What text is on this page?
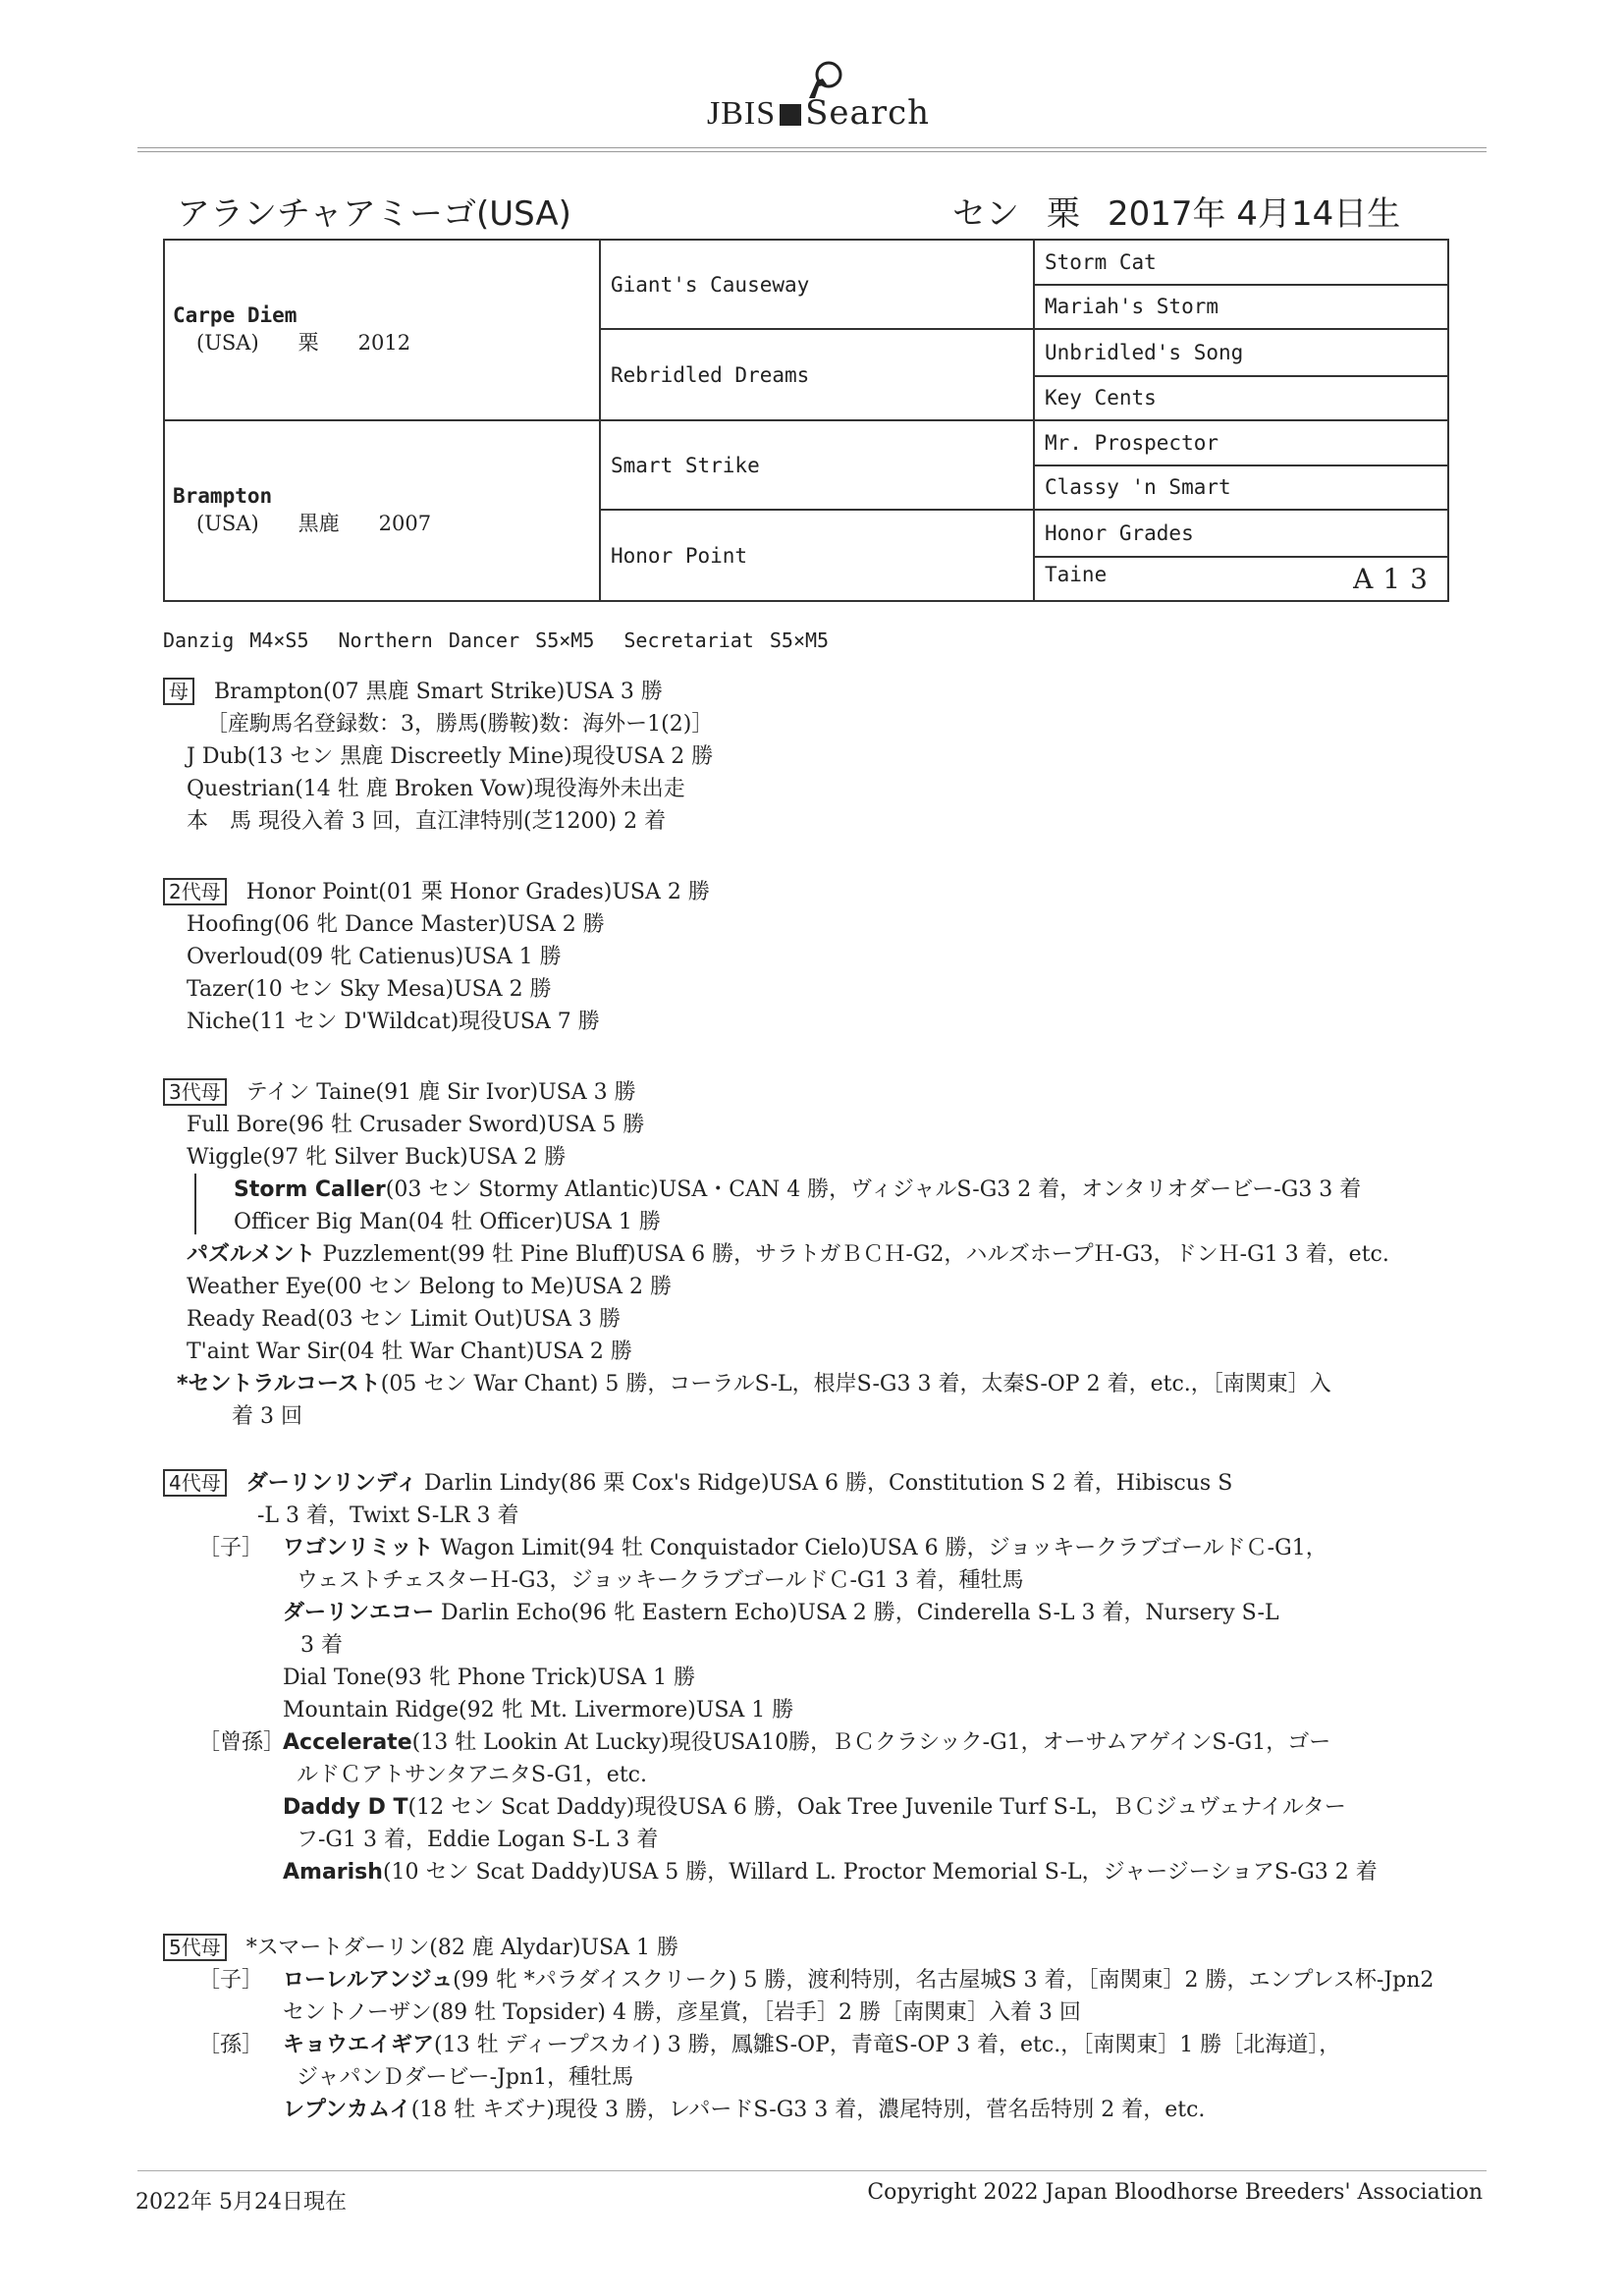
JBIS Search
アランチャアミーゴ(USA)	セン 栗 2017年 4月14日生
Carpe Diem
(USA) 栗 2012	Giant's Causeway	Storm Cat
		Mariah's Storm
	Rebridled Dreams	Unbridled's Song
		Key Cents
Brampton
(USA) 黒鹿 2007	Smart Strike	Mr. Prospector
		Classy 'n Smart
	Honor Point	Honor Grades
		Taine A13
Danzig M4×S5 Northern Dancer S5×M5 Secretariat S5×M5
母 Brampton(07 黒鹿 Smart Strike)USA 3 勝
［産駒馬名登録数：3，勝馬(勝鞍)数：海外ー1(2)］
J Dub(13 セン 黒鹿 Discreetly Mine)現役USA 2 勝
Questrian(14 牡 鹿 Broken Vow)現役海外未出走
本　馬 現役入着 3 回，直江津特別(芝1200) 2 着
2代母 Honor Point(01 栗 Honor Grades)USA 2 勝
Hoofing(06 牝 Dance Master)USA 2 勝
Overloud(09 牝 Catienus)USA 1 勝
Tazer(10 セン Sky Mesa)USA 2 勝
Niche(11 セン D'Wildcat)現役USA 7 勝
3代母 テイン Taine(91 鹿 Sir Ivor)USA 3 勝
Full Bore(96 牡 Crusader Sword)USA 5 勝
Wiggle(97 牝 Silver Buck)USA 2 勝
Storm Caller(03 セン Stormy Atlantic)USA・CAN 4 勝，ヴィジャルS-G3 2 着，オンタリオダービー-G3 3 着
Officer Big Man(04 牡 Officer)USA 1 勝
パズルメント Puzzlement(99 牡 Pine Bluff)USA 6 勝，サラトガＢＣＨ-G2，ハルズホープＨ-G3，ドンＨ-G1 3 着，etc.
Weather Eye(00 セン Belong to Me)USA 2 勝
Ready Read(03 セン Limit Out)USA 3 勝
T'aint War Sir(04 牡 War Chant)USA 2 勝
*セントラルコースト(05 セン War Chant) 5 勝，コーラルS-L，根岸S-G3 3 着，太秦S-OP 2 着，etc.，［南関東］入
着 3 回
4代母 ダーリンリンディ Darlin Lindy(86 栗 Cox's Ridge)USA 6 勝，Constitution S 2 着，Hibiscus S
-L 3 着，Twixt S-LR 3 着
［子］ ワゴンリミット Wagon Limit(94 牡 Conquistador Cielo)USA 6 勝，ジョッキークラブゴールドＣ-G1，
ウェストチェスターＨ-G3，ジョッキークラブゴールドＣ-G1 3 着，種牡馬
ダーリンエコー Darlin Echo(96 牝 Eastern Echo)USA 2 勝，Cinderella S-L 3 着，Nursery S-L
3 着
Dial Tone(93 牝 Phone Trick)USA 1 勝
Mountain Ridge(92 牝 Mt. Livermore)USA 1 勝
［曾孫］Accelerate(13 牡 Lookin At Lucky)現役USA10勝，ＢＣクラシック-G1，オーサムアゲインS-G1，ゴー
ルドＣアトサンタアニタS-G1，etc.
Daddy D T(12 セン Scat Daddy)現役USA 6 勝，Oak Tree Juvenile Turf S-L，ＢＣジュヴェナイルター
フ-G1 3 着，Eddie Logan S-L 3 着
Amarish(10 セン Scat Daddy)USA 5 勝，Willard L. Proctor Memorial S-L，ジャージーショアS-G3 2 着
5代母 *スマートダーリン(82 鹿 Alydar)USA 1 勝
［子］ ローレルアンジュ(99 牝 *パラダイスクリーク) 5 勝，渡利特別，名古屋城S 3 着，［南関東］2 勝，エンプレス杯-Jpn2
セントノーザン(89 牡 Topsider) 4 勝，彦星賞，［岩手］2 勝［南関東］入着 3 回
［孫］ キョウエイギア(13 牡 ディープスカイ) 3 勝，鳳雛S-OP，青竜S-OP 3 着，etc.，［南関東］1 勝［北海道］，
ジャパンＤダービー-Jpn1，種牡馬
レプンカムイ(18 牡 キズナ)現役 3 勝，レパードS-G3 3 着，濃尾特別，菅名岳特別 2 着，etc.
2022年 5月24日現在	Copyright 2022 Japan Bloodhorse Breeders' Association
